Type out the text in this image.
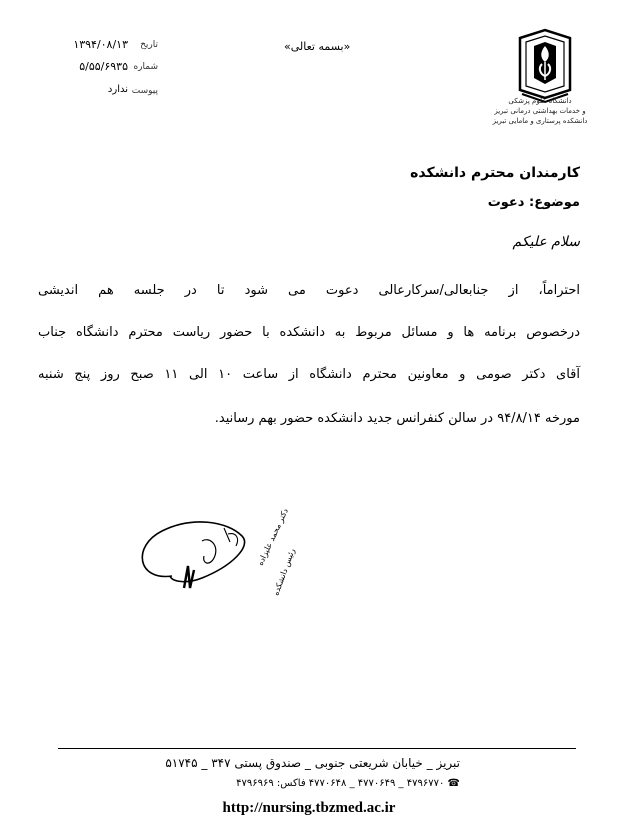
تاریخ
۱۳۹۴/۰۸/۱۳
شماره
۵/۵۵/۶۹۳۵
پیوست
ندارد
«بسمه تعالی»
دانشگاه علوم پزشکی
و خدمات بهداشتی درمانی تبریز
دانشکده پرستاری و مامایی تبریز
کارمندان محترم دانشکده
موضوع: دعوت
سلام علیکم
احتراماً، از جنابعالی/سرکارعالی دعوت می شود تا در جلسه هم اندیشی
درخصوص برنامه ها و مسائل مربوط به دانشکده با حضور ریاست محترم دانشگاه جناب
آقای دکتر صومی و معاونین محترم دانشگاه از ساعت ۱۰ الی ۱۱ صبح روز پنج شنبه
مورخه ۹۴/۸/۱۴ در سالن کنفرانس جدید دانشکده حضور بهم رسانید.
دکتر محمد علیزاده
رئیس دانشکده
تبریز _ خیابان شریعتی جنوبی _ صندوق پستی ۳۴۷ _ ۵۱۷۴۵
☎ ۴۷۹۶۷۷۰ _ ۴۷۷۰۶۴۹ _ ۴۷۷۰۶۴۸ فاکس: ۴۷۹۶۹۶۹
http://nursing.tbzmed.ac.ir
